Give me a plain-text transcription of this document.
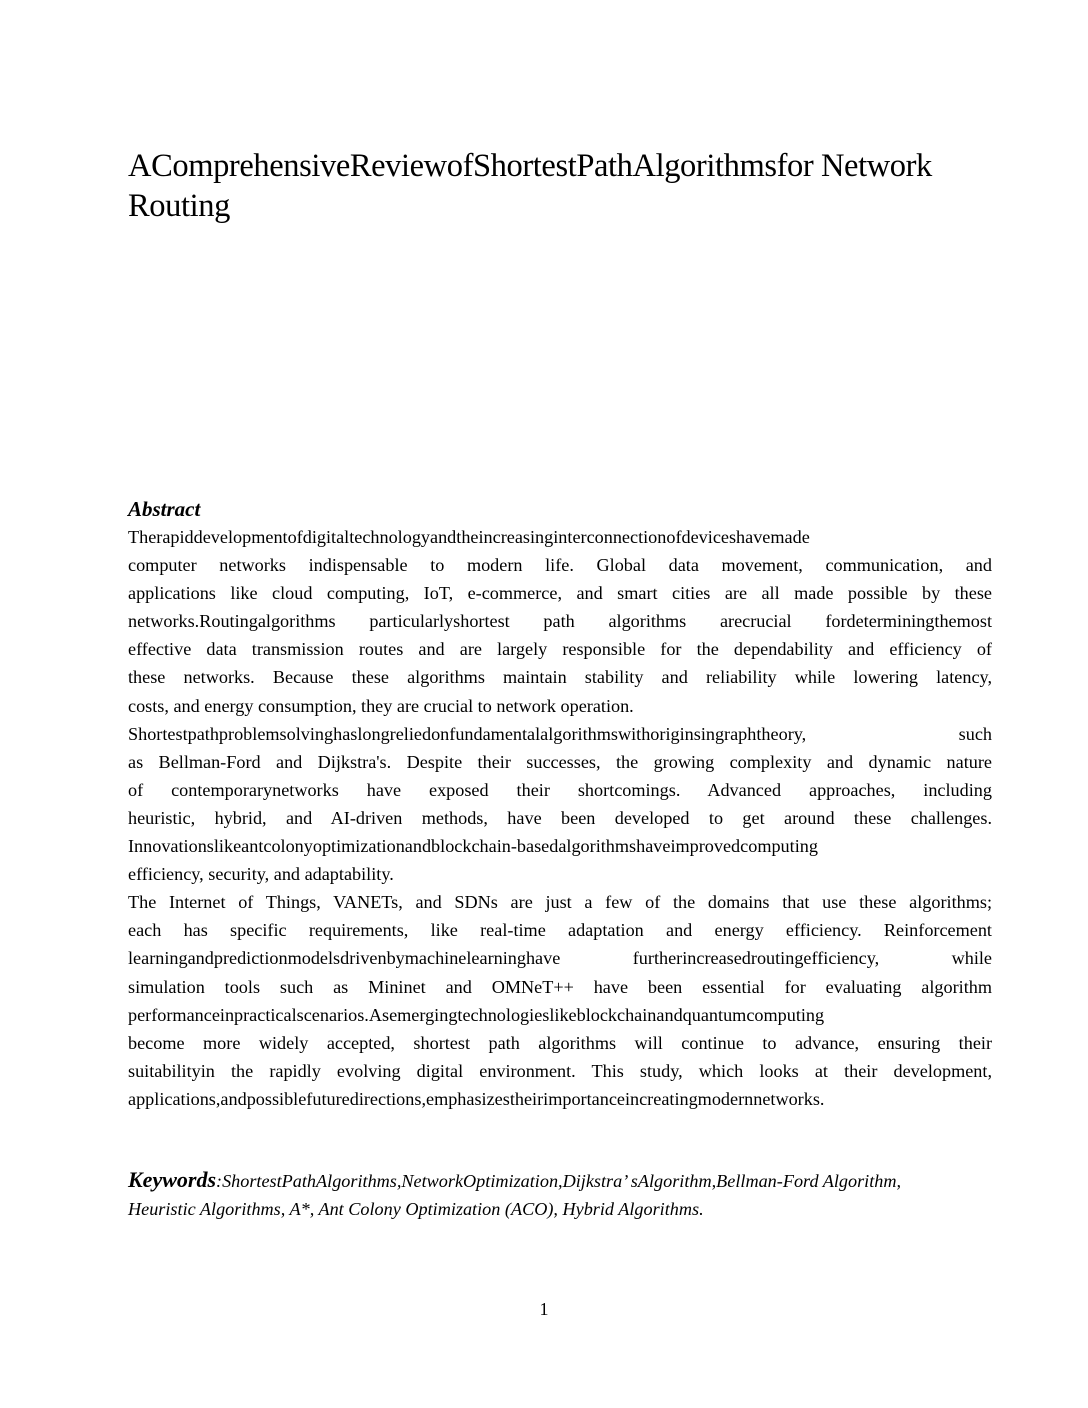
AComprehensiveReviewofShortestPathAlgorithmsfor Network
Routing
Abstract
Therapiddevelopmentofdigitaltechnologyandtheincreasinginterconnectionofdeviceshavemade
computer networks indispensable to modern life. Global data movement, communication, and
applications like cloud computing, IoT, e-commerce, and smart cities are all made possible by these
networks.Routingalgorithms particularlyshortest path algorithms arecrucial fordeterminingthemost
effective data transmission routes and are largely responsible for the dependability and efficiency of
these networks. Because these algorithms maintain stability and reliability while lowering latency,
costs, and energy consumption, they are crucial to network operation.
Shortestpathproblemsolvinghaslongreliedonfundamentalalgorithmswithoriginsingraphtheory, such
as Bellman-Ford and Dijkstra's. Despite their successes, the growing complexity and dynamic nature
of contemporarynetworks have exposed their shortcomings. Advanced approaches, including
heuristic, hybrid, and AI-driven methods, have been developed to get around these challenges.
Innovationslikeantcolonyoptimizationandblockchain-basedalgorithmshaveimprovedcomputing
efficiency, security, and adaptability.
The Internet of Things, VANETs, and SDNs are just a few of the domains that use these algorithms;
each has specific requirements, like real-time adaptation and energy efficiency. Reinforcement
learningandpredictionmodelsdrivenbymachinelearninghave furtherincreasedroutingefficiency, while
simulation tools such as Mininet and OMNeT++ have been essential for evaluating algorithm
performanceinpracticalscenarios.Asemergingtechnologieslikeblockchainandquantumcomputing
become more widely accepted, shortest path algorithms will continue to advance, ensuring their
suitabilityin the rapidly evolving digital environment. This study, which looks at their development,
applications,andpossiblefuturedirections,emphasizestheirimportanceincreatingmodernnetworks.
Keywords:ShortestPathAlgorithms,NetworkOptimization,Dijkstra’ sAlgorithm,Bellman-Ford Algorithm, Heuristic Algorithms, A*, Ant Colony Optimization (ACO), Hybrid Algorithms.
1
